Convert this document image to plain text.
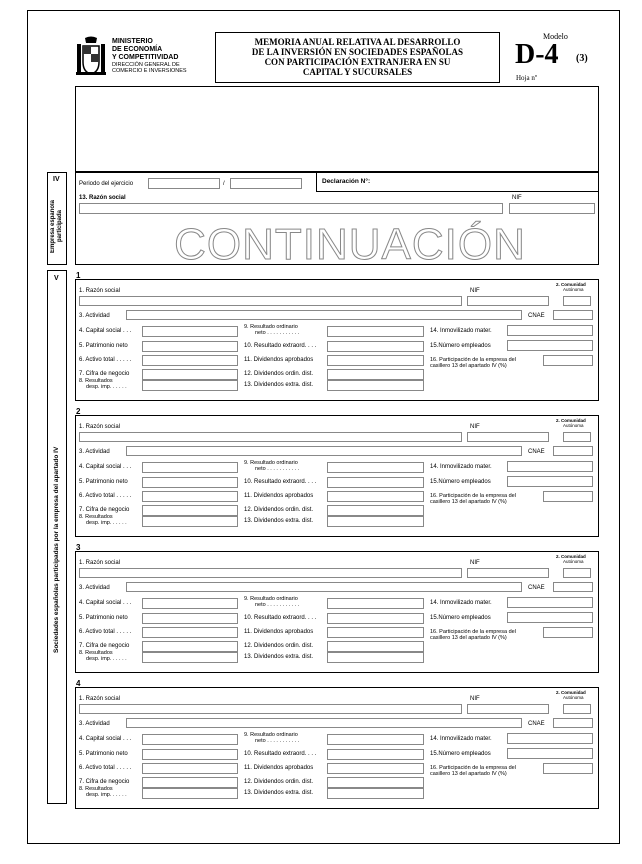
MINISTERIO
DE ECONOMÍA
Y COMPETITIVIDAD
DIRECCIÓN GENERAL DE
COMERCIO E INVERSIONES
MEMORIA ANUAL RELATIVA AL DESARROLLO
DE LA INVERSIÓN EN SOCIEDADES ESPAÑOLAS
CON PARTICIPACIÓN EXTRANJERA EN SU
CAPITAL Y SUCURSALES
Modelo
D-4 (3)
Hoja nº
IV
Empresa española
participada
Periodo del ejercicio	/	Declaración N°:
13. Razón social	NIF
CONTINUACIÓN
V
Sociedades españolas participadas por la empresa del apartado IV
1
1. Razón social	NIF
2. Comunidad
Autónoma
3. Actividad	CNAE
4. Capital social . . .
5. Patrimonio neto
6. Activo total . . . . .
7. Cifra de negocio
8. Resultados
desp. imp. . . . . .
9. Resultado ordinario
neto . . . . . . . . . . .
10. Resultado extraord. . . .
11. Dividendos aprobados
12. Dividendos ordin. dist.
13. Dividendos extra. dist.
14. Inmovilizado mater.
15.Número empleados
16. Participación de la empresa del
casillero 13 del apartado IV (%)
2
1. Razón social	NIF
2. Comunidad
Autónoma
3. Actividad	CNAE
4. Capital social . . .
5. Patrimonio neto
6. Activo total . . . . .
7. Cifra de negocio
8. Resultados
desp. imp. . . . . .
9. Resultado ordinario
neto . . . . . . . . . . .
10. Resultado extraord. . . .
11. Dividendos aprobados
12. Dividendos ordin. dist.
13. Dividendos extra. dist.
14. Inmovilizado mater.
15.Número empleados
16. Participación de la empresa del
casillero 13 del apartado IV (%)
3
1. Razón social	NIF
2. Comunidad
Autónoma
3. Actividad	CNAE
4. Capital social . . .
5. Patrimonio neto
6. Activo total . . . . .
7. Cifra de negocio
8. Resultados
desp. imp. . . . . .
9. Resultado ordinario
neto . . . . . . . . . . .
10. Resultado extraord. . . .
11. Dividendos aprobados
12. Dividendos ordin. dist.
13. Dividendos extra. dist.
14. Inmovilizado mater.
15.Número empleados
16. Participación de la empresa del
casillero 13 del apartado IV (%)
4
1. Razón social	NIF
2. Comunidad
Autónoma
3. Actividad	CNAE
4. Capital social . . .
5. Patrimonio neto
6. Activo total . . . . .
7. Cifra de negocio
8. Resultados
desp. imp. . . . . .
9. Resultado ordinario
neto . . . . . . . . . . .
10. Resultado extraord. . . .
11. Dividendos aprobados
12. Dividendos ordin. dist.
13. Dividendos extra. dist.
14. Inmovilizado mater.
15.Número empleados
16. Participación de la empresa del
casillero 13 del apartado IV (%)
